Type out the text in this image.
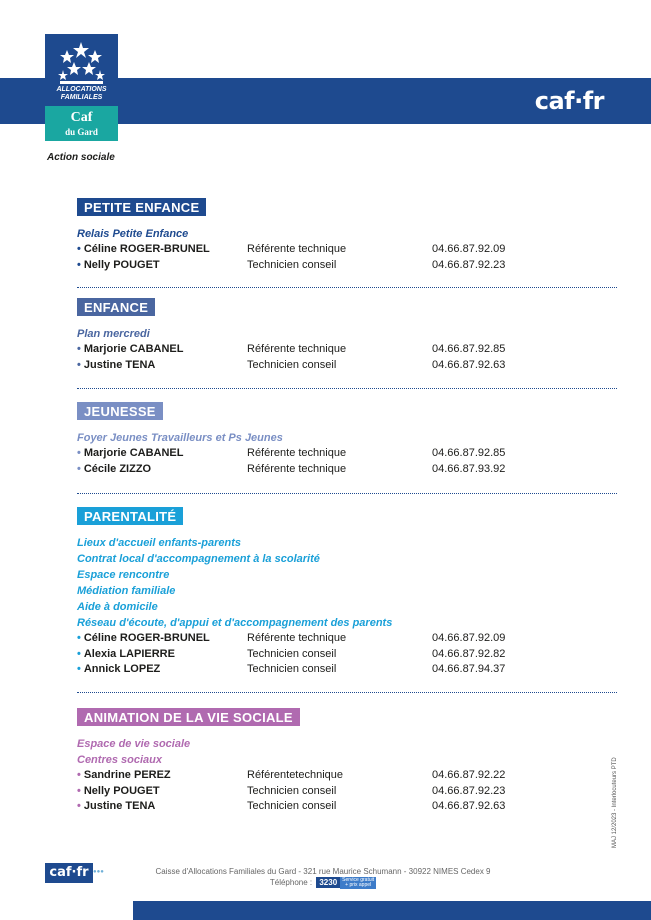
caf·fr
ALLOCATIONS
FAMILIALES
Caf
du Gard
Action sociale
PETITE ENFANCE
Relais Petite Enfance
• Céline ROGER-BRUNEL	Référente technique	04.66.87.92.09
• Nelly POUGET	Technicien conseil	04.66.87.92.23
ENFANCE
Plan mercredi
• Marjorie CABANEL	Référente technique	04.66.87.92.85
• Justine TENA	Technicien conseil	04.66.87.92.63
JEUNESSE
Foyer Jeunes Travailleurs et Ps Jeunes
• Marjorie CABANEL	Référente technique	04.66.87.92.85
• Cécile ZIZZO	Référente technique	04.66.87.93.92
PARENTALITÉ
Lieux d'accueil enfants-parents
Contrat local d'accompagnement à la scolarité
Espace rencontre
Médiation familiale
Aide à domicile
Réseau d'écoute, d'appui et d'accompagnement des parents
• Céline ROGER-BRUNEL	Référente technique	04.66.87.92.09
• Alexia LAPIERRE	Technicien conseil	04.66.87.92.82
• Annick LOPEZ	Technicien conseil	04.66.87.94.37
ANIMATION DE LA VIE SOCIALE
Espace de vie sociale
Centres sociaux
• Sandrine PEREZ	Référentetechnique	04.66.87.92.22
• Nelly POUGET	Technicien conseil	04.66.87.92.23
• Justine TENA	Technicien conseil	04.66.87.92.63	MAJ 12/2023 - Interlocuteurs PTD
caf·fr ●●●	Caisse d'Allocations Familiales du Gard - 321 rue Maurice Schumann - 30922 NIMES Cedex 9
Téléphone : 3230 Service gratuit
+ prix appel
